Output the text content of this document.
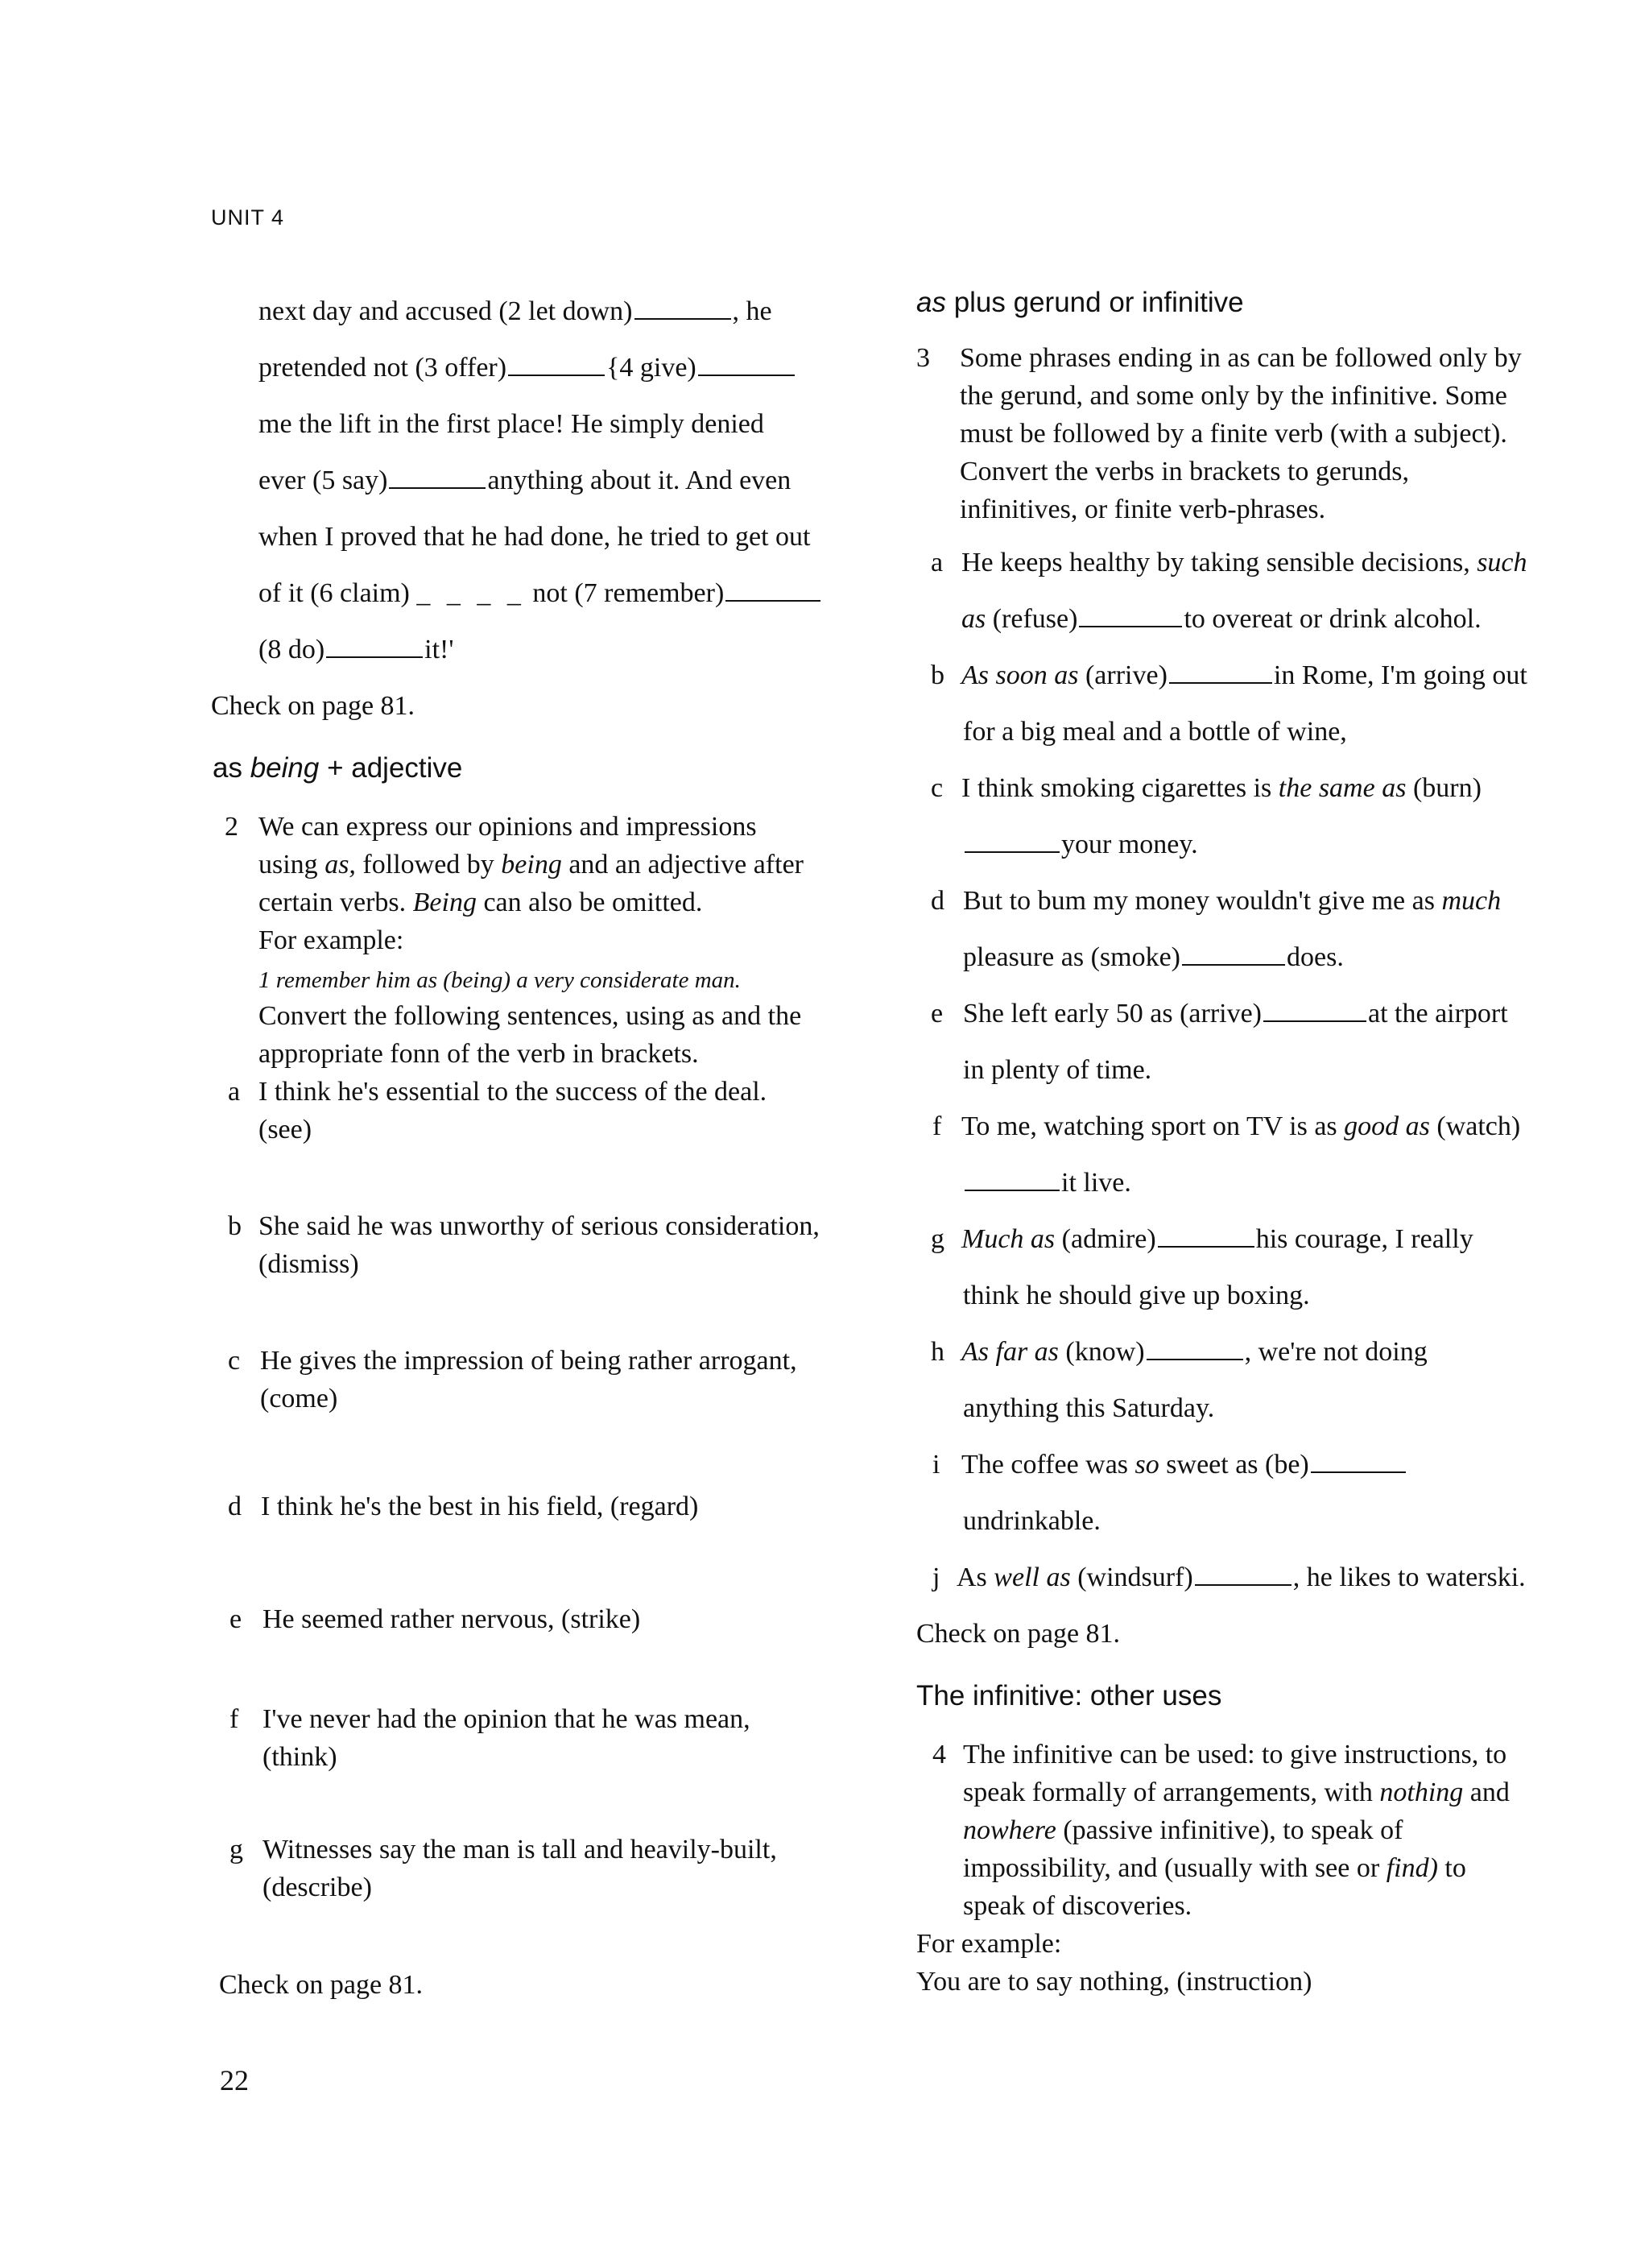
UNIT 4
next day and accused (2 let down)	, he
pretended not (3 offer)	{4 give)
me the lift in the first place! He simply denied
ever (5 say)	anything about it. And even
when I proved that he had done, he tried to get out
of it (6 claim) _ _ _ _ not (7 remember)
(8 do)	it!'
Check on page 81.
as being + adjective
2 We can express our opinions and impressions
using as, followed by being and an adjective after
certain verbs. Being can also be omitted.
For example:
1 remember him as (being) a very considerate man.
Convert the following sentences, using as and the
appropriate fonn of the verb in brackets.
a I think he's essential to the success of the deal.
(see)
b She said he was unworthy of serious consideration,
(dismiss)
c He gives the impression of being rather arrogant,
(come)
d I think he's the best in his field, (regard)
e He seemed rather nervous, (strike)
f I've never had the opinion that he was mean,
(think)
g Witnesses say the man is tall and heavily-built,
(describe)
Check on page 81.
as plus gerund or infinitive
3 Some phrases ending in as can be followed only by
the gerund, and some only by the infinitive. Some
must be followed by a finite verb (with a subject).
Convert the verbs in brackets to gerunds,
infinitives, or finite verb-phrases.
a He keeps healthy by taking sensible decisions, such
as (refuse)	to overeat or drink alcohol.
b As soon as (arrive)	in Rome, I'm going out
for a big meal and a bottle of wine,
c I think smoking cigarettes is the same as (burn)
your money.
d But to bum my money wouldn't give me as much
pleasure as (smoke)	does.
e She left early 50 as (arrive)	at the airport
in plenty of time.
f To me, watching sport on TV is as good as (watch)
it live.
g Much as (admire)	his courage, I really
think he should give up boxing.
h As far as (know)	, we're not doing
anything this Saturday.
i The coffee was so sweet as (be)
undrinkable.
j As well as (windsurf)	, he likes to waterski.
Check on page 81.
The infinitive: other uses
4 The infinitive can be used: to give instructions, to
speak formally of arrangements, with nothing and
nowhere (passive infinitive), to speak of
impossibility, and (usually with see or find) to
speak of discoveries.
For example:
You are to say nothing, (instruction)
22
